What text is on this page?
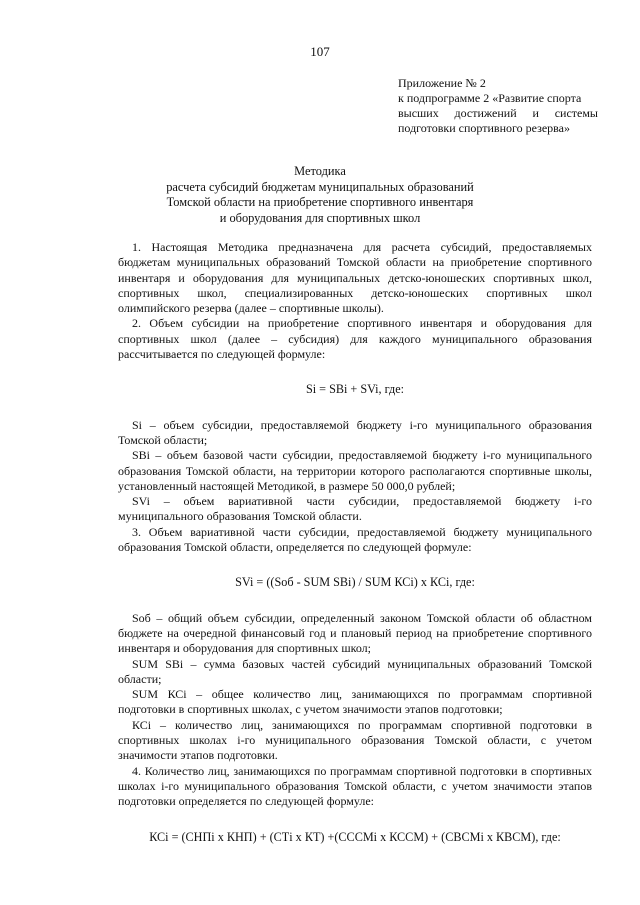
107
Приложение № 2
к подпрограмме 2 «Развитие спорта
высших достижений и системы
подготовки спортивного резерва»
Методика
расчета субсидий бюджетам муниципальных образований
Томской области на приобретение спортивного инвентаря
и оборудования для спортивных школ

1. Настоящая Методика предназначена для расчета субсидий, предоставляемых бюджетам муниципальных образований Томской области на приобретение спортивного инвентаря и оборудования для муниципальных детско-юношеских спортивных школ, спортивных школ, специализированных детско-юношеских спортивных школ олимпийского резерва (далее – спортивные школы).

2. Объем субсидии на приобретение спортивного инвентаря и оборудования для спортивных школ (далее – субсидия) для каждого муниципального образования рассчитывается по следующей формуле:

Si = SBi + SVi, где:

Si – объем субсидии, предоставляемой бюджету i-го муниципального образования Томской области;

SBi – объем базовой части субсидии, предоставляемой бюджету i-го муниципального образования Томской области, на территории которого располагаются спортивные школы, установленный настоящей Методикой, в размере 50 000,0 рублей;

SVi – объем вариативной части субсидии, предоставляемой бюджету i-го муниципального образования Томской области.

3. Объем вариативной части субсидии, предоставляемой бюджету муниципального образования Томской области, определяется по следующей формуле:

SVi = ((Sоб - SUM SBi) / SUM КСi) x КСi, где:

Sоб – общий объем субсидии, определенный законом Томской области об областном бюджете на очередной финансовый год и плановый период на приобретение спортивного инвентаря и оборудования для спортивных школ;

SUM SBi – сумма базовых частей субсидий муниципальных образований Томской области;

SUM КСi – общее количество лиц, занимающихся по программам спортивной подготовки в спортивных школах, с учетом значимости этапов подготовки;

КСi – количество лиц, занимающихся по программам спортивной подготовки в спортивных школах i-го муниципального образования Томской области, с учетом значимости этапов подготовки.

4. Количество лиц, занимающихся по программам спортивной подготовки в спортивных школах i-го муниципального образования Томской области, с учетом значимости этапов подготовки определяется по следующей формуле:

КСi = (СНПi x КНП) + (СТi x КТ) +(СССМi x КССМ) + (СВСМi x КВСМ), где:
